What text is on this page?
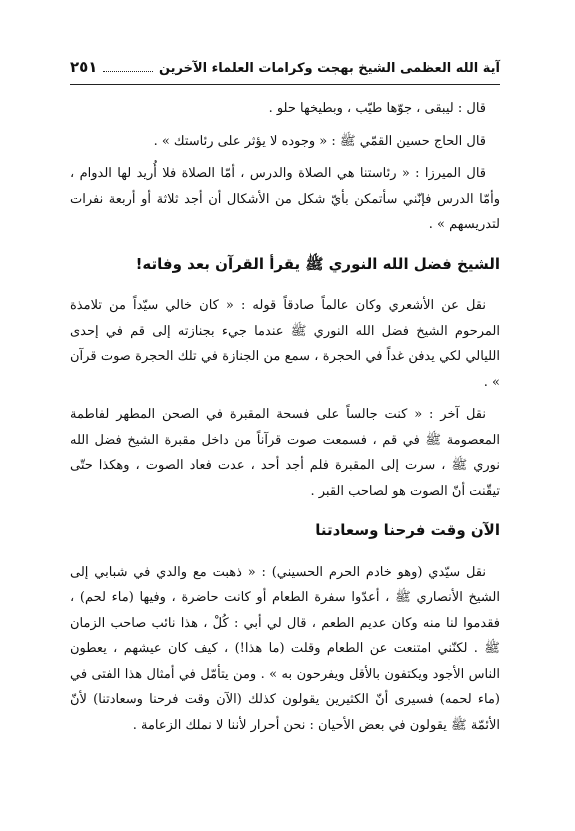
آية الله العظمى الشيخ بهجت وكرامات العلماء الآخرين
٢٥١

قال : ليبقى ، جوّها طيّب ، وبطيخها حلو .

قال الحاج حسين القمّي ﷺ : « وجوده لا يؤثر على رئاستك » .

قال الميرزا : « رئاستنا هي الصلاة والدرس ، أمّا الصلاة فلا أُريد لها الدوام ، وأمّا الدرس فإنّني سأتمكن بأيّ شكل من الأشكال أن أجد ثلاثة أو أربعة نفرات لتدريسهم » .

الشيخ فضل الله النوري ﷺ يقرأ القرآن بعد وفاته!

نقل عن الأشعري وكان عالماً صادقاً قوله : « كان خالي سيّداً من تلامذة المرحوم الشيخ فضل الله النوري ﷺ عندما جيء بجنازته إلى قم في إحدى الليالي لكي يدفن غداً في الحجرة ، سمع من الجنازة في تلك الحجرة صوت قرآن » .

نقل آخر : « كنت جالساً على فسحة المقبرة في الصحن المطهر لفاطمة المعصومة ﷺ في قم ، فسمعت صوت قرآناً من داخل مقبرة الشيخ فضل الله نوري ﷺ ، سرت إلى المقبرة فلم أجد أحد ، عدت فعاد الصوت ، وهكذا حتّى تيقّنت أنّ الصوت هو لصاحب القبر .

الآن وقت فرحنا وسعادتنا

نقل سيّدي (وهو خادم الحرم الحسيني) : « ذهبت مع والدي في شبابي إلى الشيخ الأنصاري ﷺ ، أعدّوا سفرة الطعام أو كانت حاضرة ، وفيها (ماء لحم) ، فقدموا لنا منه وكان عديم الطعم ، قال لي أبي : كُلْ ، هذا نائب صاحب الزمان ﷺ . لكنّني امتنعت عن الطعام وقلت (ما هذا!) ، كيف كان عيشهم ، يعطون الناس الأجود ويكتفون بالأقل ويفرحون به » . ومن يتأمّل في أمثال هذا الفتى في (ماء لحمه) فسيرى أنّ الكثيرين يقولون كذلك (الآن وقت فرحنا وسعادتنا) لأنّ الأئمّة ﷺ يقولون في بعض الأحيان : نحن أحرار لأننا لا نملك الزعامة .
